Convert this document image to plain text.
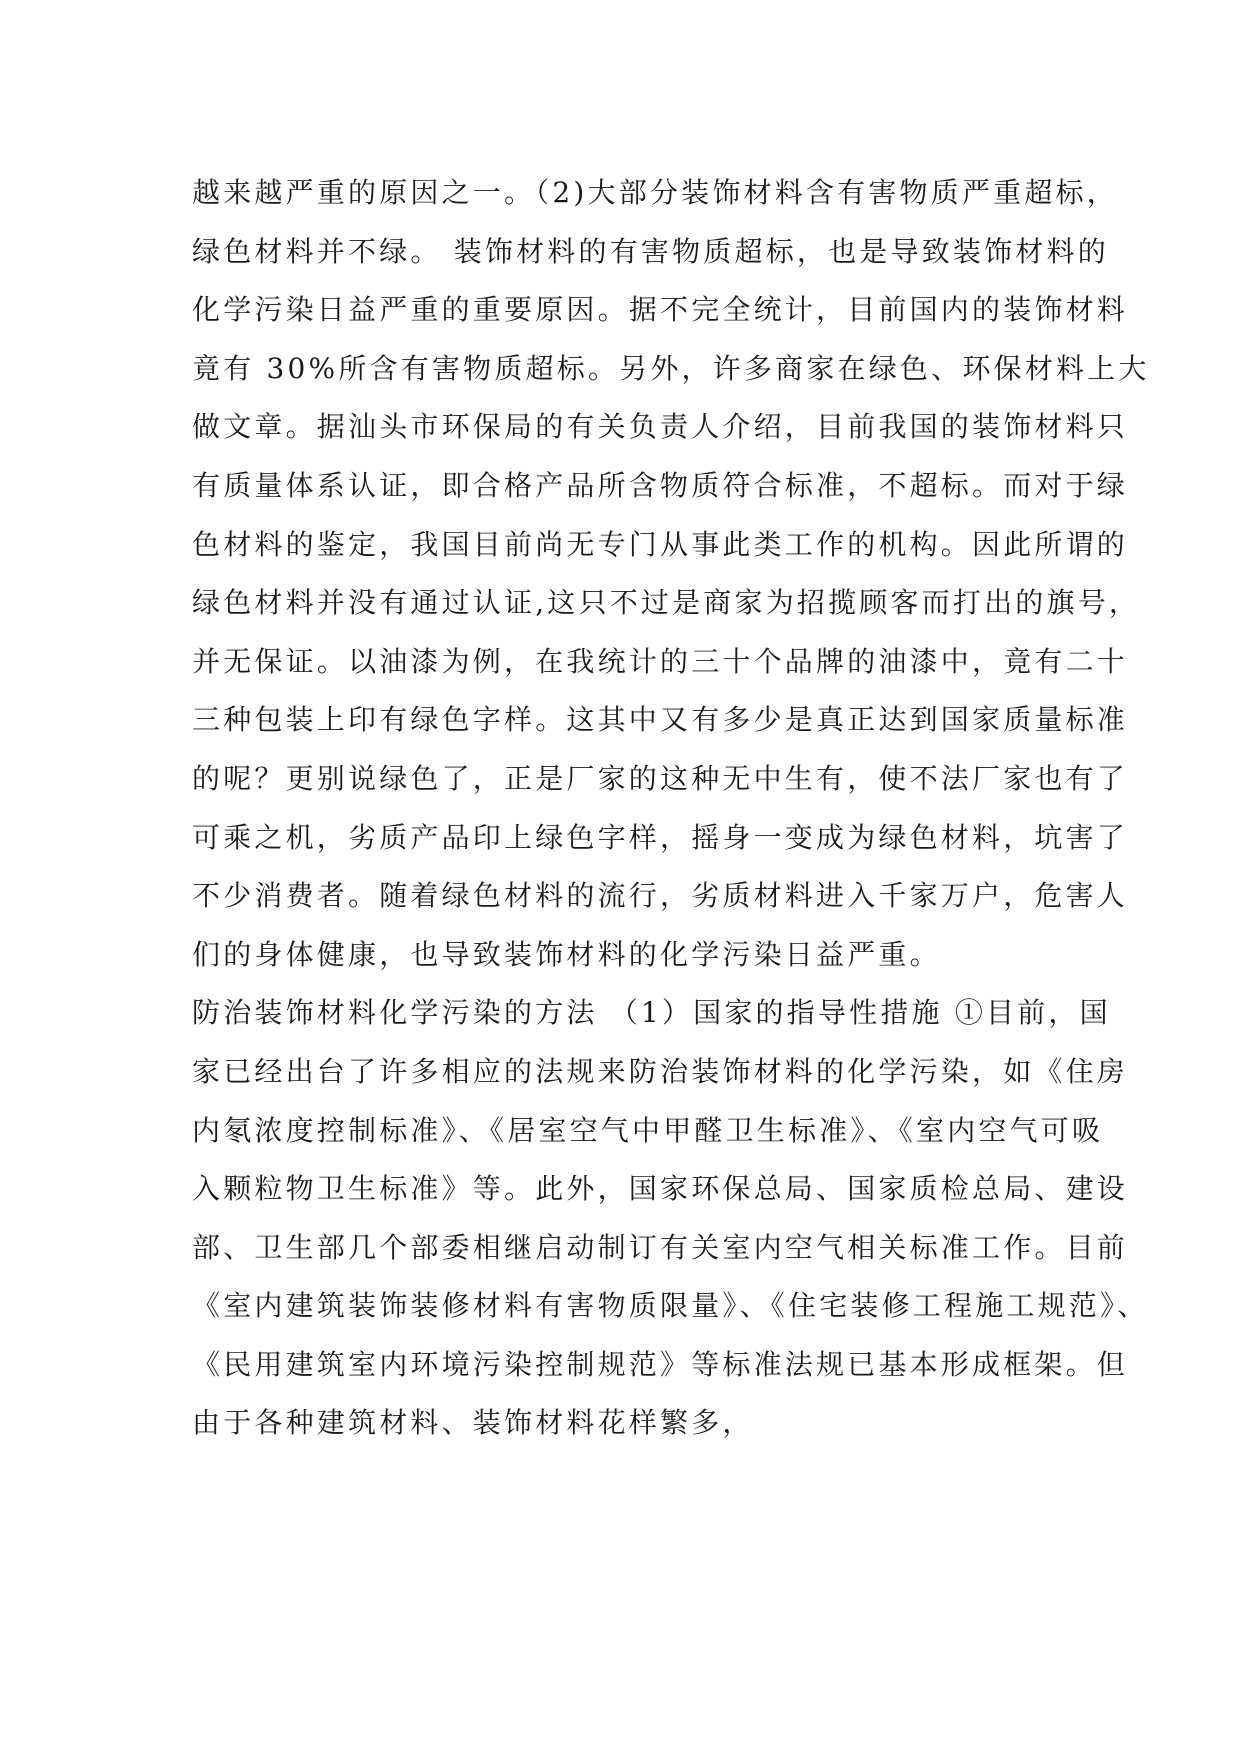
越来越严重的原因之一。（2)大部分装饰材料含有害物质严重超标，
绿色材料并不绿。 装饰材料的有害物质超标，也是导致装饰材料的
化学污染日益严重的重要原因。据不完全统计，目前国内的装饰材料
竟有 30%所含有害物质超标。另外，许多商家在绿色、环保材料上大
做文章。据汕头市环保局的有关负责人介绍，目前我国的装饰材料只
有质量体系认证，即合格产品所含物质符合标准，不超标。而对于绿
色材料的鉴定，我国目前尚无专门从事此类工作的机构。因此所谓的
绿色材料并没有通过认证,这只不过是商家为招揽顾客而打出的旗号，
并无保证。以油漆为例，在我统计的三十个品牌的油漆中，竟有二十
三种包装上印有绿色字样。这其中又有多少是真正达到国家质量标准
的呢？更别说绿色了，正是厂家的这种无中生有，使不法厂家也有了
可乘之机，劣质产品印上绿色字样，摇身一变成为绿色材料，坑害了
不少消费者。随着绿色材料的流行，劣质材料进入千家万户，危害人
们的身体健康，也导致装饰材料的化学污染日益严重。
防治装饰材料化学污染的方法 （1）国家的指导性措施 ①目前，国
家已经出台了许多相应的法规来防治装饰材料的化学污染，如《住房
内氡浓度控制标准》、《居室空气中甲醛卫生标准》、《室内空气可吸
入颗粒物卫生标准》等。此外，国家环保总局、国家质检总局、建设
部、卫生部几个部委相继启动制订有关室内空气相关标准工作。目前
《室内建筑装饰装修材料有害物质限量》、《住宅装修工程施工规范》、
《民用建筑室内环境污染控制规范》等标准法规已基本形成框架。但
由于各种建筑材料、装饰材料花样繁多，
